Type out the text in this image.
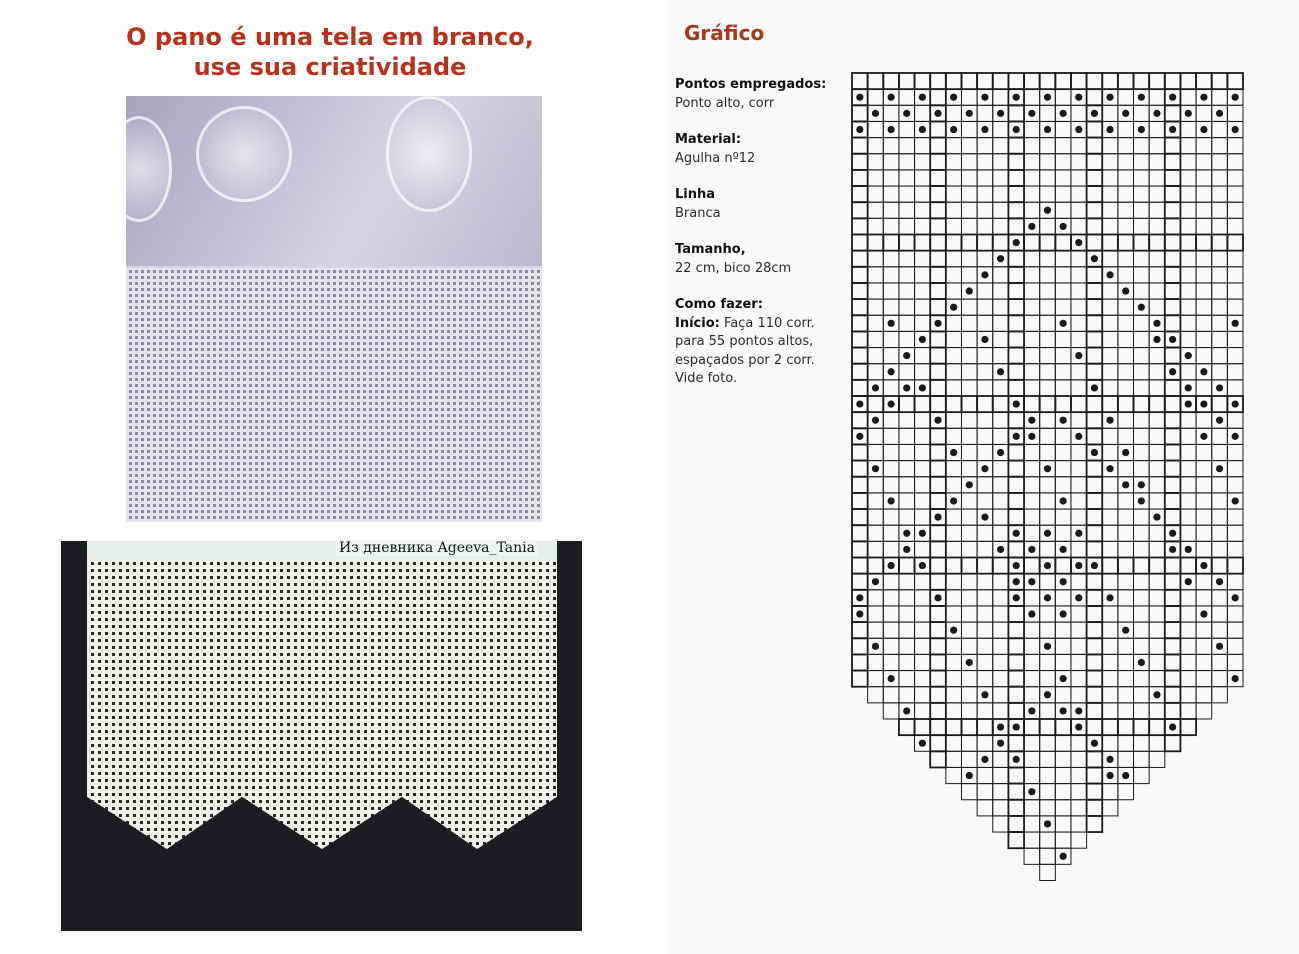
O pano é uma tela em branco,
use sua criatividade
Из дневника Ageeva_Tania
Gráfico
Pontos empregados:
Ponto alto, corr
Material:
Agulha nº12
Linha
Branca
Tamanho,
22 cm, bico 28cm
Como fazer:
Início: Faça 110 corr. para 55 pontos altos, espaçados por 2 corr. Vide foto.
